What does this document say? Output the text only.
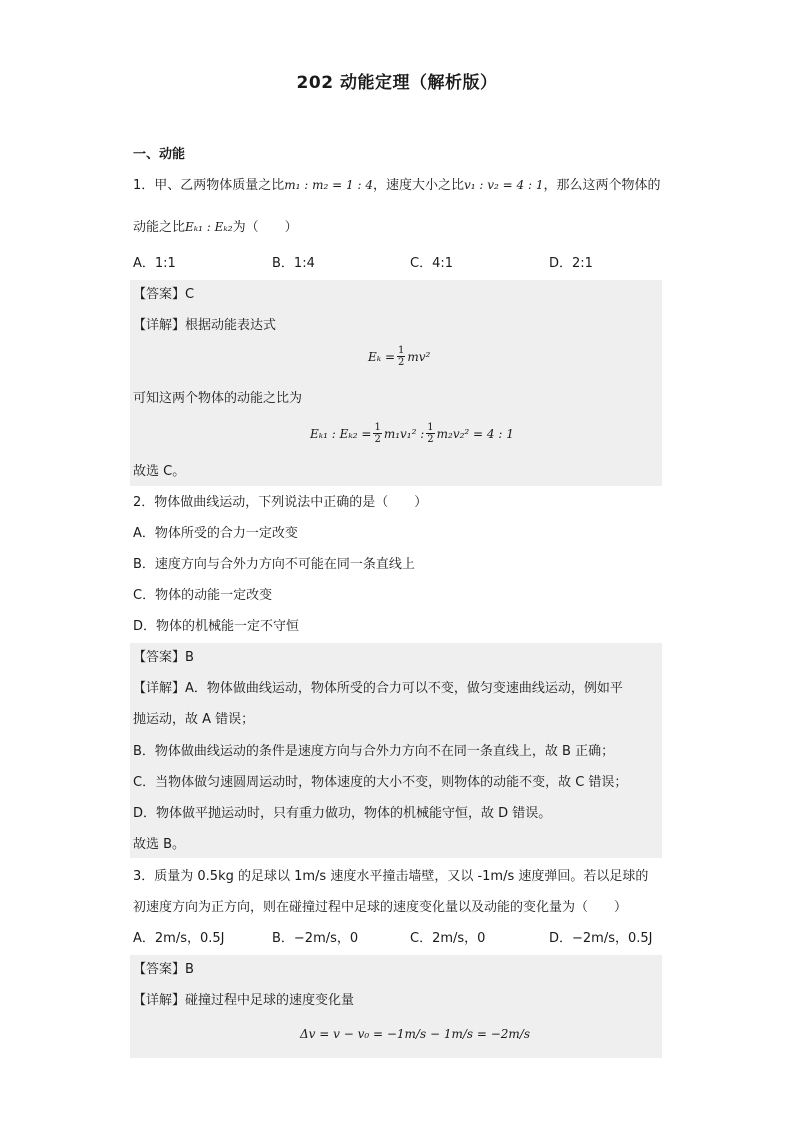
202 动能定理（解析版）
一、动能
1．甲、乙两物体质量之比m₁ : m₂ = 1 : 4，速度大小之比v₁ : v₂ = 4 : 1，那么这两个物体的
动能之比Eₖ₁ : Eₖ₂为（　　）
A．1:1	B．1:4	C．4:1	D．2:1
【答案】C
【详解】根据动能表达式
$E_k = \frac{1}{2} mv^2$
可知这两个物体的动能之比为
Eₖ₁ : $E_{k2} = \frac{1}{2} m_1v_1^2$ : $\frac{1}{2} m_2v_2^2 = 4$ : 1
故选 C。
2．物体做曲线运动，下列说法中正确的是（　　）
A．物体所受的合力一定改变
B．速度方向与合外力方向不可能在同一条直线上
C．物体的动能一定改变
D．物体的机械能一定不守恒
【答案】B
【详解】A．物体做曲线运动，物体所受的合力可以不变，做匀变速曲线运动，例如平
抛运动，故 A 错误；
B．物体做曲线运动的条件是速度方向与合外力方向不在同一条直线上，故 B 正确；
C．当物体做匀速圆周运动时，物体速度的大小不变，则物体的动能不变，故 C 错误；
D．物体做平抛运动时，只有重力做功，物体的机械能守恒，故 D 错误。
故选 B。
3．质量为 0.5kg 的足球以 1m/s 速度水平撞击墙壁，又以 -1m/s 速度弹回。若以足球的
初速度方向为正方向，则在碰撞过程中足球的速度变化量以及动能的变化量为（　　）
A．2m/s，0.5J	B．−2m/s，0	C．2m/s，0	D．−2m/s，0.5J
【答案】B
【详解】碰撞过程中足球的速度变化量
Δv = v − v₀ = −1m/s − 1m/s = −2m/s
